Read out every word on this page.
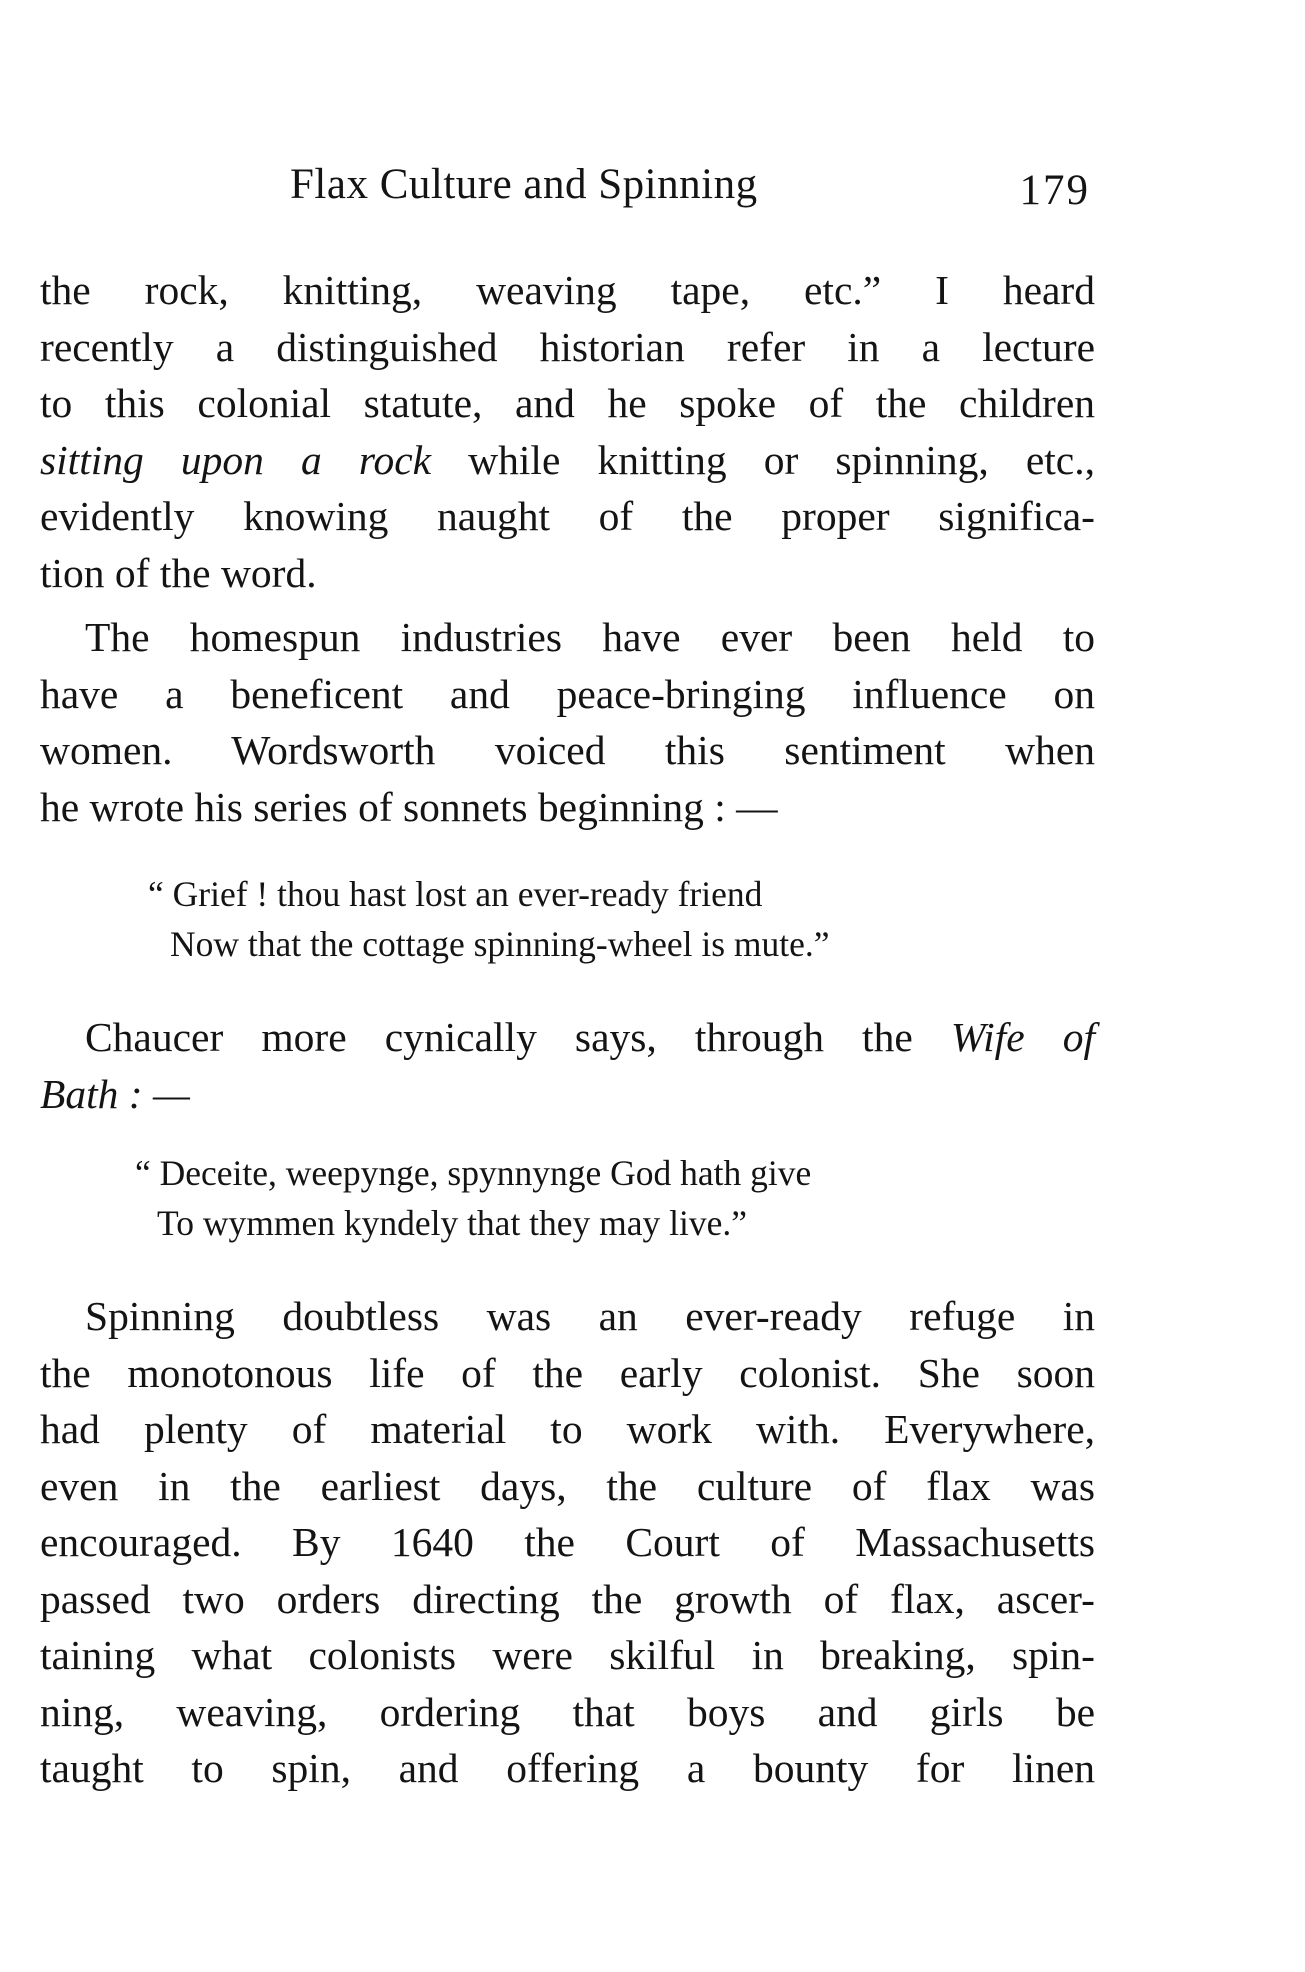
Flax Culture and Spinning	179

the rock, knitting, weaving tape, etc.” I heard
recently a distinguished historian refer in a lecture
to this colonial statute, and he spoke of the children
sitting upon a rock while knitting or spinning, etc.,
evidently knowing naught of the proper significa-
tion of the word.

The homespun industries have ever been held to
have a beneficent and peace-bringing influence on
women. Wordsworth voiced this sentiment when
he wrote his series of sonnets beginning : —

“ Grief ! thou hast lost an ever-ready friend
Now that the cottage spinning-wheel is mute.”

Chaucer more cynically says, through the Wife of
Bath : —

“ Deceite, weepynge, spynnynge God hath give
To wymmen kyndely that they may live.”

Spinning doubtless was an ever-ready refuge in
the monotonous life of the early colonist. She soon
had plenty of material to work with. Everywhere,
even in the earliest days, the culture of flax was
encouraged. By 1640 the Court of Massachusetts
passed two orders directing the growth of flax, ascer-
taining what colonists were skilful in breaking, spin-
ning, weaving, ordering that boys and girls be
taught to spin, and offering a bounty for linen
